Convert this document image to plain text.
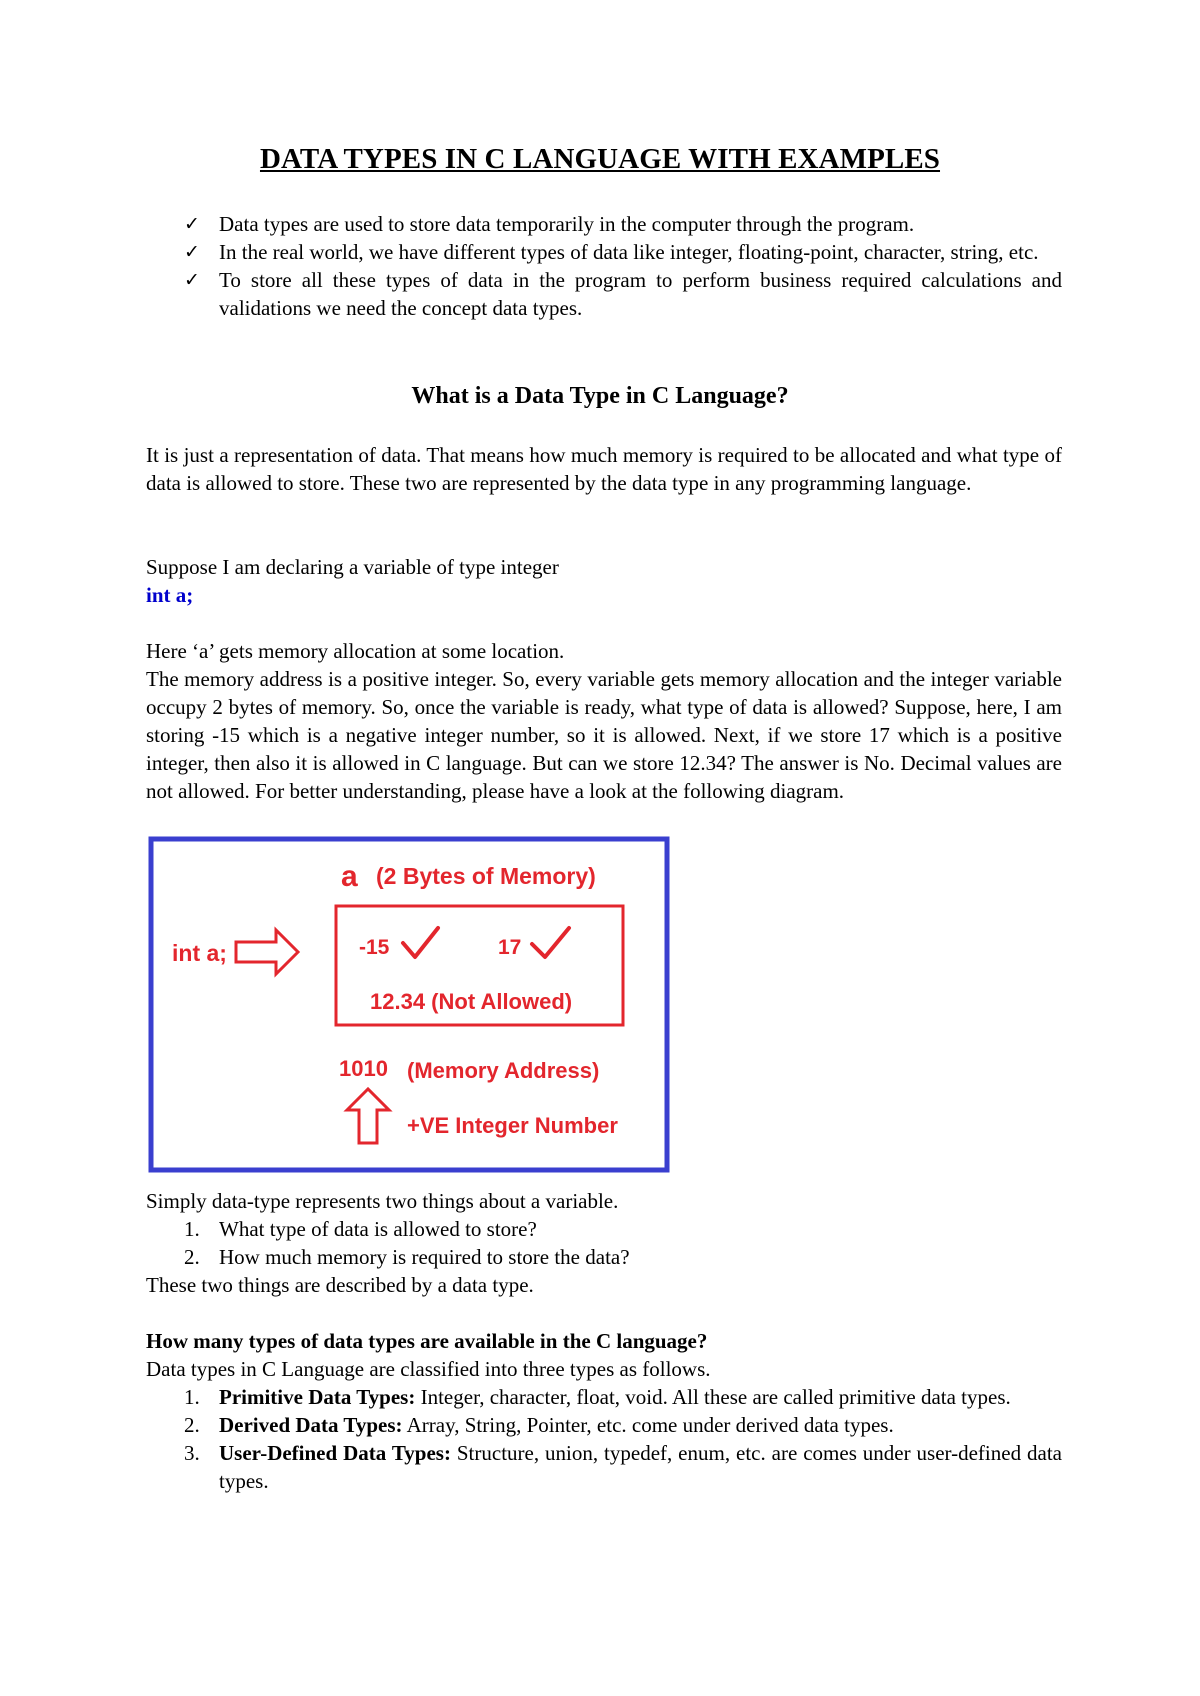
DATA TYPES IN C LANGUAGE WITH EXAMPLES
✓ Data types are used to store data temporarily in the computer through the program.
✓ In the real world, we have different types of data like integer, floating-point, character, string, etc.
✓ To store all these types of data in the program to perform business required calculations and validations we need the concept data types.
What is a Data Type in C Language?

It is just a representation of data. That means how much memory is required to be allocated and what type of data is allowed to store. These two are represented by the data type in any programming language.

Suppose I am declaring a variable of type integer

int a;

Here ‘a’ gets memory allocation at some location.

The memory address is a positive integer. So, every variable gets memory allocation and the integer variable occupy 2 bytes of memory. So, once the variable is ready, what type of data is allowed? Suppose, here, I am storing -15 which is a negative integer number, so it is allowed. Next, if we store 17 which is a positive integer, then also it is allowed in C language. But can we store 12.34? The answer is No. Decimal values are not allowed. For better understanding, please have a look at the following diagram.

a (2 Bytes of Memory)
int a;	-15	17
12.34 (Not Allowed)
1010 (Memory Address)
+VE Integer Number

Simply data-type represents two things about a variable.

1. What type of data is allowed to store?
2. How much memory is required to store the data?

These two things are described by a data type.

How many types of data types are available in the C language?

Data types in C Language are classified into three types as follows.

1. Primitive Data Types: Integer, character, float, void. All these are called primitive data types.
2. Derived Data Types: Array, String, Pointer, etc. come under derived data types.
3. User-Defined Data Types: Structure, union, typedef, enum, etc. are comes under user-defined data types.
